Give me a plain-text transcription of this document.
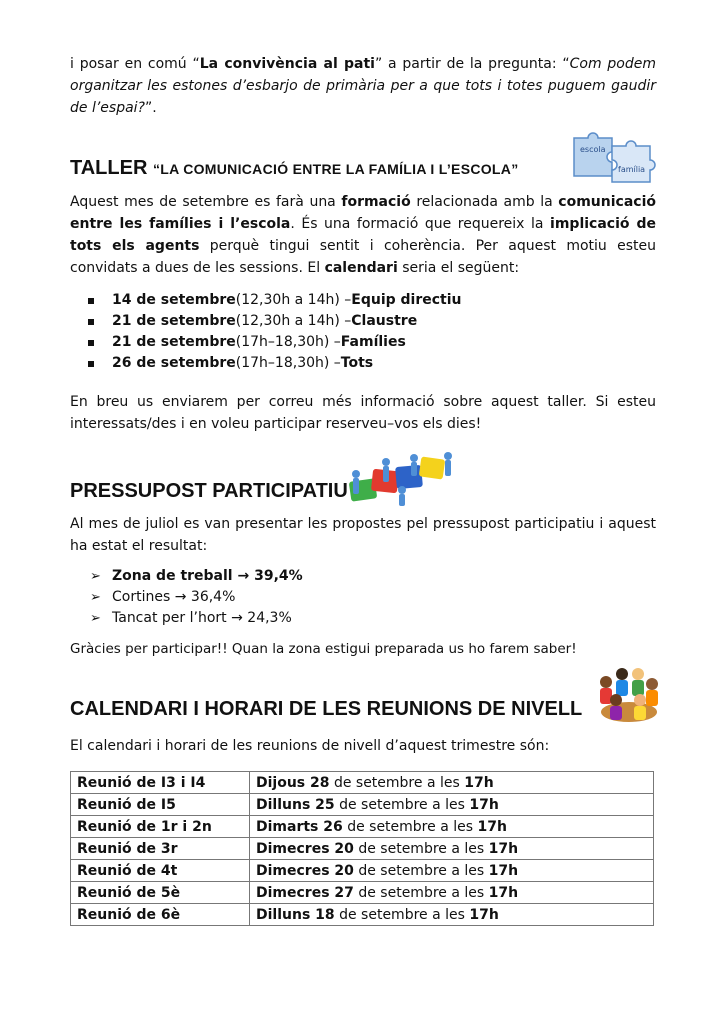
i posar en comú “La convivència al pati” a partir de la pregunta: “Com podem organitzar les estones d’esbarjo de primària per a que tots i totes puguem gaudir de l’espai?”.

TALLER “LA COMUNICACIÓ ENTRE LA FAMÍLIA I L’ESCOLA”
escola
família

Aquest mes de setembre es farà una formació relacionada amb la comunicació entre les famílies i l’escola. És una formació que requereix la implicació de tots els agents perquè tingui sentit i coherència. Per aquest motiu esteu convidats a dues de les sessions. El calendari seria el següent:

14 de setembre (12,30h a 14h) – Equip directiu
21 de setembre (12,30h a 14h) – Claustre
21 de setembre (17h–18,30h) – Famílies
26 de setembre (17h–18,30h) – Tots

En breu us enviarem per correu més informació sobre aquest taller. Si esteu interessats/des i en voleu participar reserveu–vos els dies!

PRESSUPOST PARTICIPATIU

Al mes de juliol es van presentar les propostes pel pressupost participatiu i aquest ha estat el resultat:

➢ Zona de treball → 39,4%
➢ Cortines → 36,4%
➢ Tancat per l’hort → 24,3%

Gràcies per participar!! Quan la zona estigui preparada us ho farem saber!

CALENDARI I HORARI DE LES REUNIONS DE NIVELL

El calendari i horari de les reunions de nivell d’aquest trimestre són:

Reunió de I3 i I4	Dijous 28 de setembre a les 17h
Reunió de I5	Dilluns 25 de setembre a les 17h
Reunió de 1r i 2n	Dimarts 26 de setembre a les 17h
Reunió de 3r	Dimecres 20 de setembre a les 17h
Reunió de 4t	Dimecres 20 de setembre a les 17h
Reunió de 5è	Dimecres 27 de setembre a les 17h
Reunió de 6è	Dilluns 18 de setembre a les 17h
